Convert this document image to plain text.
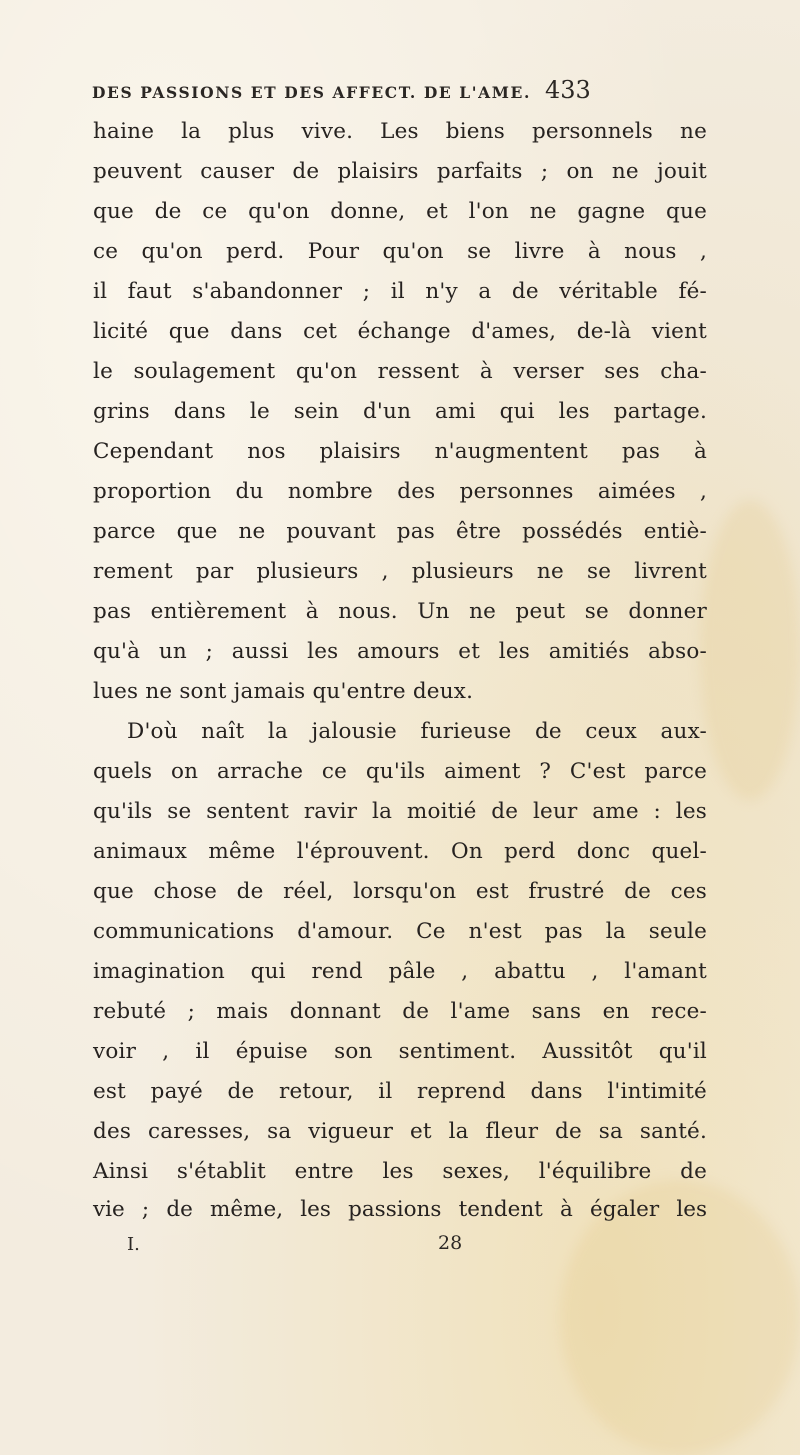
DES PASSIONS ET DES AFFECT. DE L'AME. 433
haine la plus vive. Les biens personnels ne
peuvent causer de plaisirs parfaits ; on ne jouit
que de ce qu'on donne, et l'on ne gagne que
ce qu'on perd. Pour qu'on se livre à nous ,
il faut s'abandonner ; il n'y a de véritable fé-
licité que dans cet échange d'ames, de-là vient
le soulagement qu'on ressent à verser ses cha-
grins dans le sein d'un ami qui les partage.
Cependant nos plaisirs n'augmentent pas à
proportion du nombre des personnes aimées ,
parce que ne pouvant pas être possédés entiè-
rement par plusieurs , plusieurs ne se livrent
pas entièrement à nous. Un ne peut se donner
qu'à un ; aussi les amours et les amitiés abso-
lues ne sont jamais qu'entre deux.
D'où naît la jalousie furieuse de ceux aux-
quels on arrache ce qu'ils aiment ? C'est parce
qu'ils se sentent ravir la moitié de leur ame : les
animaux même l'éprouvent. On perd donc quel-
que chose de réel, lorsqu'on est frustré de ces
communications d'amour. Ce n'est pas la seule
imagination qui rend pâle , abattu , l'amant
rebuté ; mais donnant de l'ame sans en rece-
voir , il épuise son sentiment. Aussitôt qu'il
est payé de retour, il reprend dans l'intimité
des caresses, sa vigueur et la fleur de sa santé.
Ainsi s'établit entre les sexes, l'équilibre de
vie ; de même, les passions tendent à égaler les
I.	28
